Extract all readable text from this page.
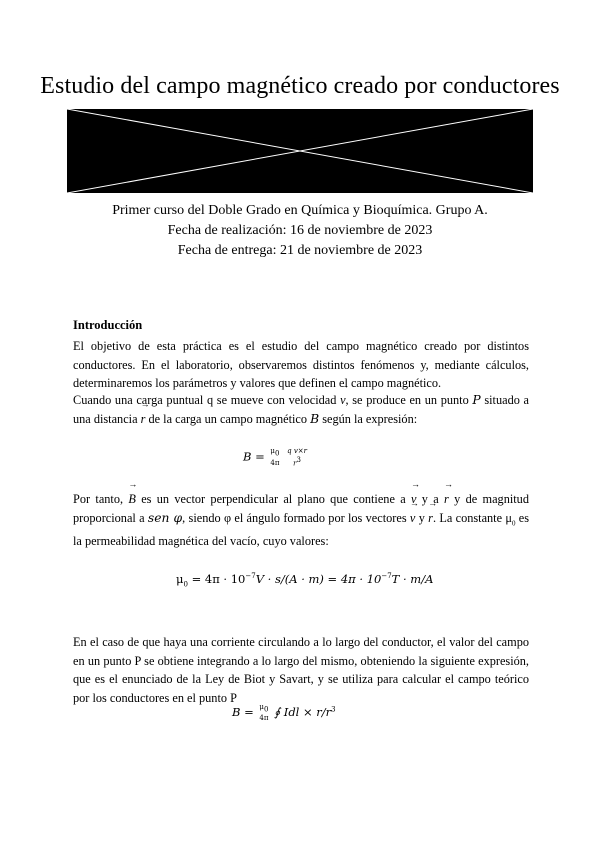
Estudio del campo magnético creado por conductores
Primer curso del Doble Grado en Química y Bioquímica. Grupo A.
Fecha de realización: 16 de noviembre de 2023
Fecha de entrega: 21 de noviembre de 2023
Introducción
El objetivo de esta práctica es el estudio del campo magnético creado por distintos conductores. En el laboratorio, observaremos distintos fenómenos y, mediante cálculos, determinaremos los parámetros y valores que definen el campo magnético.
Cuando una carga puntual q se mueve con velocidad → v, se produce en un punto P situado a una distancia → r de la carga un campo magnético B según la expresión:
B = μ0
4π

q v×r
r3
Por tanto, → B es un vector perpendicular al plano que contiene a → v y a → r y de magnitud proporcional a sen φ, siendo φ el ángulo formado por los vectores → v y → r. La constante $\mu_0$ es la permeabilidad magnética del vacío, cuyo valores:
$\mu_0 = 4\pi \cdot 10^{-7}V \cdot s/(A \cdot m) = 4\pi \cdot 10^{-7}T \cdot m/A$
En el caso de que haya una corriente circulando a lo largo del conductor, el valor del campo en un punto P se obtiene integrando a lo largo del mismo, obteniendo la siguiente expresión, que es el enunciado de la Ley de Biot y Savart, y se utiliza para calcular el campo teórico por los conductores en el punto P
B = μ0
4π ∮ Idl × $r/r^3$
